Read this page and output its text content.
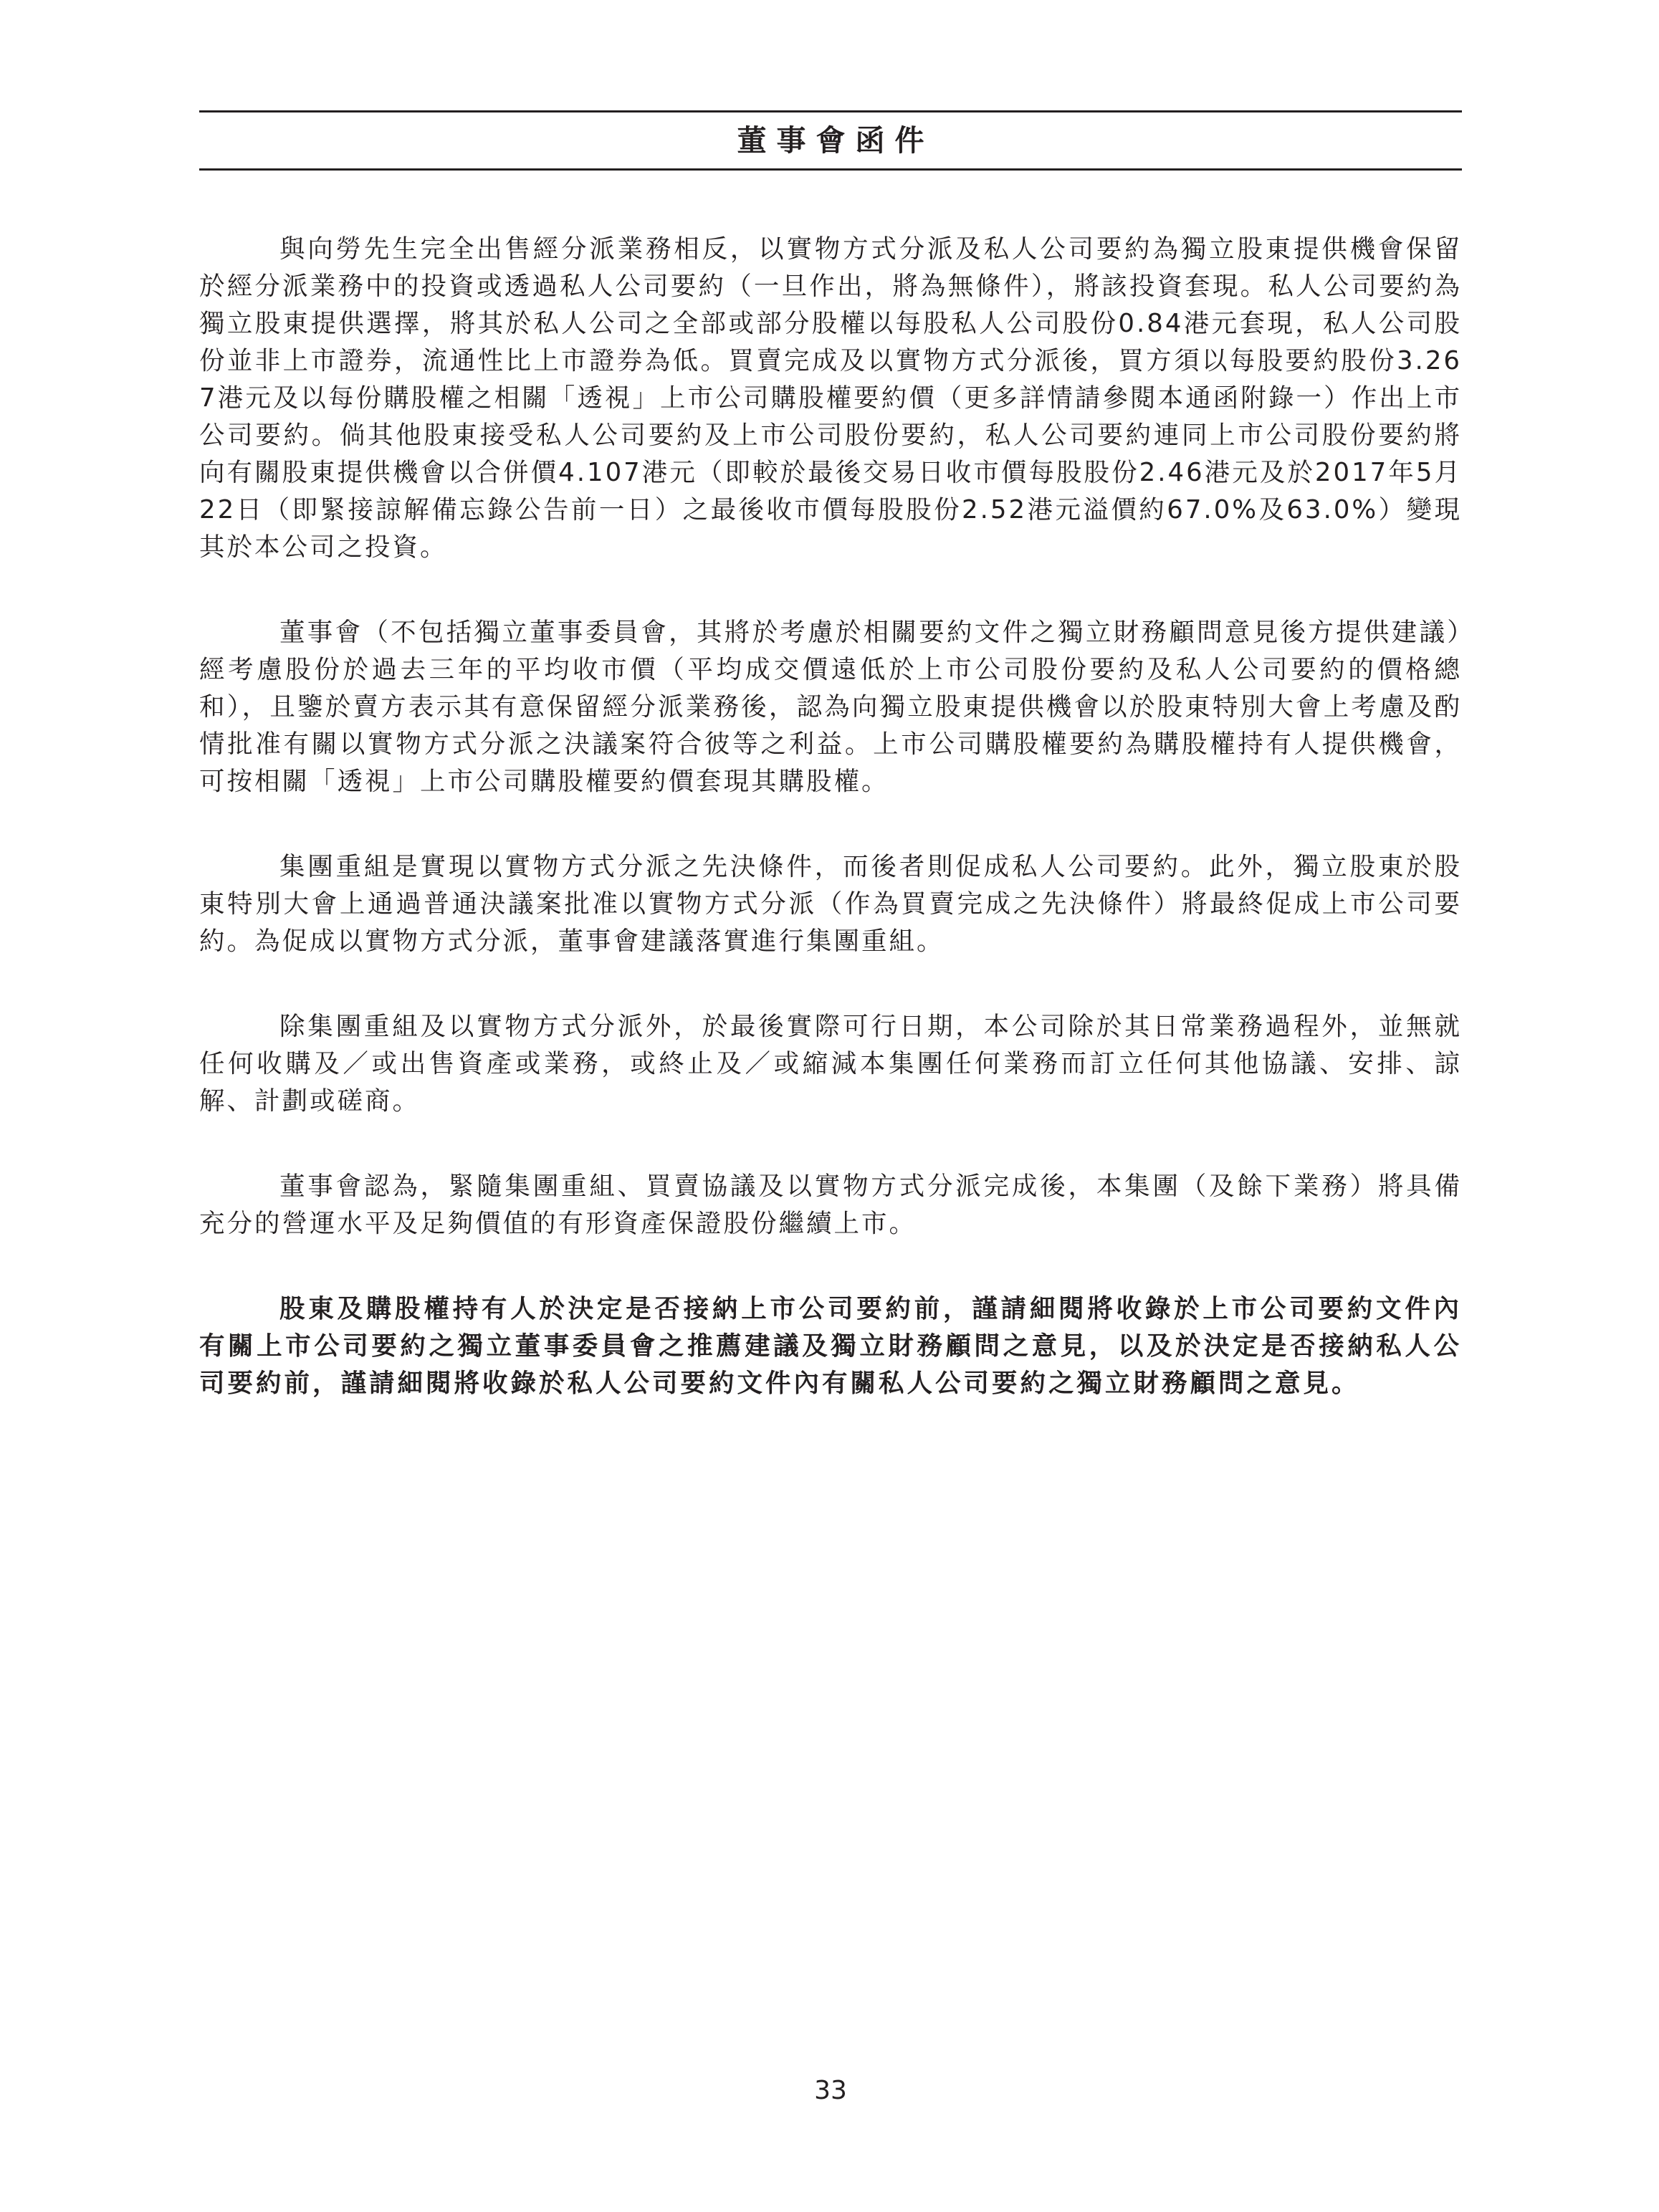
董事會函件

與向勞先生完全出售經分派業務相反，以實物方式分派及私人公司要約為獨立股東提供機會保留於經分派業務中的投資或透過私人公司要約（一旦作出，將為無條件），將該投資套現。私人公司要約為獨立股東提供選擇，將其於私人公司之全部或部分股權以每股私人公司股份0.84港元套現，私人公司股份並非上市證券，流通性比上市證券為低。買賣完成及以實物方式分派後，買方須以每股要約股份3.267港元及以每份購股權之相關「透視」上市公司購股權要約價（更多詳情請參閱本通函附錄一）作出上市公司要約。倘其他股東接受私人公司要約及上市公司股份要約，私人公司要約連同上市公司股份要約將向有關股東提供機會以合併價4.107港元（即較於最後交易日收市價每股股份2.46港元及於2017年5月22日（即緊接諒解備忘錄公告前一日）之最後收市價每股股份2.52港元溢價約67.0%及63.0%）變現其於本公司之投資。

董事會（不包括獨立董事委員會，其將於考慮於相關要約文件之獨立財務顧問意見後方提供建議）經考慮股份於過去三年的平均收市價（平均成交價遠低於上市公司股份要約及私人公司要約的價格總和），且鑒於賣方表示其有意保留經分派業務後，認為向獨立股東提供機會以於股東特別大會上考慮及酌情批准有關以實物方式分派之決議案符合彼等之利益。上市公司購股權要約為購股權持有人提供機會，可按相關「透視」上市公司購股權要約價套現其購股權。

集團重組是實現以實物方式分派之先決條件，而後者則促成私人公司要約。此外，獨立股東於股東特別大會上通過普通決議案批准以實物方式分派（作為買賣完成之先決條件）將最終促成上市公司要約。為促成以實物方式分派，董事會建議落實進行集團重組。

除集團重組及以實物方式分派外，於最後實際可行日期，本公司除於其日常業務過程外，並無就任何收購及／或出售資產或業務，或終止及／或縮減本集團任何業務而訂立任何其他協議、安排、諒解、計劃或磋商。

董事會認為，緊隨集團重組、買賣協議及以實物方式分派完成後，本集團（及餘下業務）將具備充分的營運水平及足夠價值的有形資產保證股份繼續上市。

股東及購股權持有人於決定是否接納上市公司要約前，謹請細閱將收錄於上市公司要約文件內有關上市公司要約之獨立董事委員會之推薦建議及獨立財務顧問之意見，以及於決定是否接納私人公司要約前，謹請細閱將收錄於私人公司要約文件內有關私人公司要約之獨立財務顧問之意見。

33
